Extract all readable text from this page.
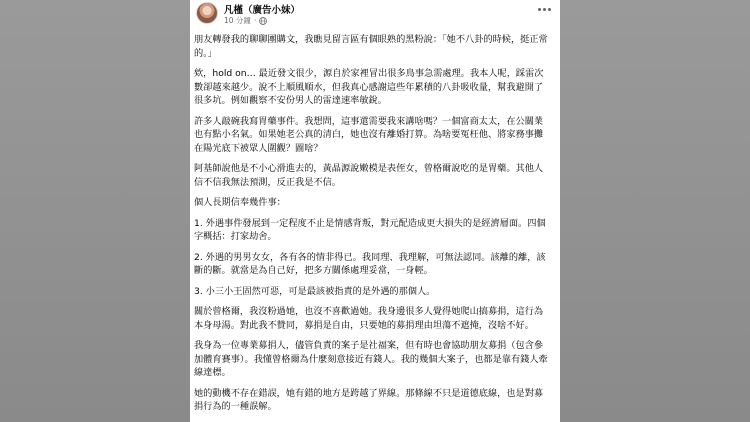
凡槿（廣告小妹）
10 分鐘 ·

朋友轉發我的聊聊團購文，我瞧見留言區有個眼熟的黑粉說：「她不八卦的時候，挺正常的。」

欸，hold on… 最近發文很少，源自於家裡冒出很多鳥事急需處理。我本人呢，踩雷次數卻越來越少。說不上順風順水，但我真心感謝這些年累積的八卦吸收量，幫我避開了很多坑。例如觀察不安份男人的雷達速率敏銳。

許多人敲碗我寫胃藥事件。我想問，這事還需要我來講啥嗎？一個富商太太，在公關業也有點小名氣。如果她老公真的清白，她也沒有離婚打算。為啥要冤枉他、將家務事攤在陽光底下被眾人圍觀？圖啥？

阿基師說他是不小心滑進去的，黃晶源說嫩模是表侄女，曾格爾說吃的是胃藥。其他人信不信我無法預測，反正我是不信。

個人長期信奉幾件事：

1. 外遇事件發展到一定程度不止是情感背叛，對元配造成更大損失的是經濟層面。四個字概括：打家劫舍。

2. 外遇的男男女女，各有各的情非得已。我同理、我理解，可無法認同。該離的離，該斷的斷。就當是為自己好，把多方關係處理妥當，一身輕。

3. 小三小王固然可惡，可是最該被指責的是外遇的那個人。

關於曾格爾，我沒粉過她，也沒不喜歡過她。我身邊很多人覺得她爬山搞募捐，這行為本身母湯。對此我不贊同，募捐是自由，只要她的募捐理由坦蕩不遮掩，沒啥不好。

我身為一位專業募捐人，儘管負責的案子是社福案，但有時也會協助朋友募捐（包含參加體育賽事）。我懂曾格爾為什麼刻意接近有錢人。我的幾個大案子，也都是靠有錢人牽線達標。

她的動機不存在錯誤，她有錯的地方是跨越了界線。那條線不只是道德底線，也是對募捐行為的一種誤解。
